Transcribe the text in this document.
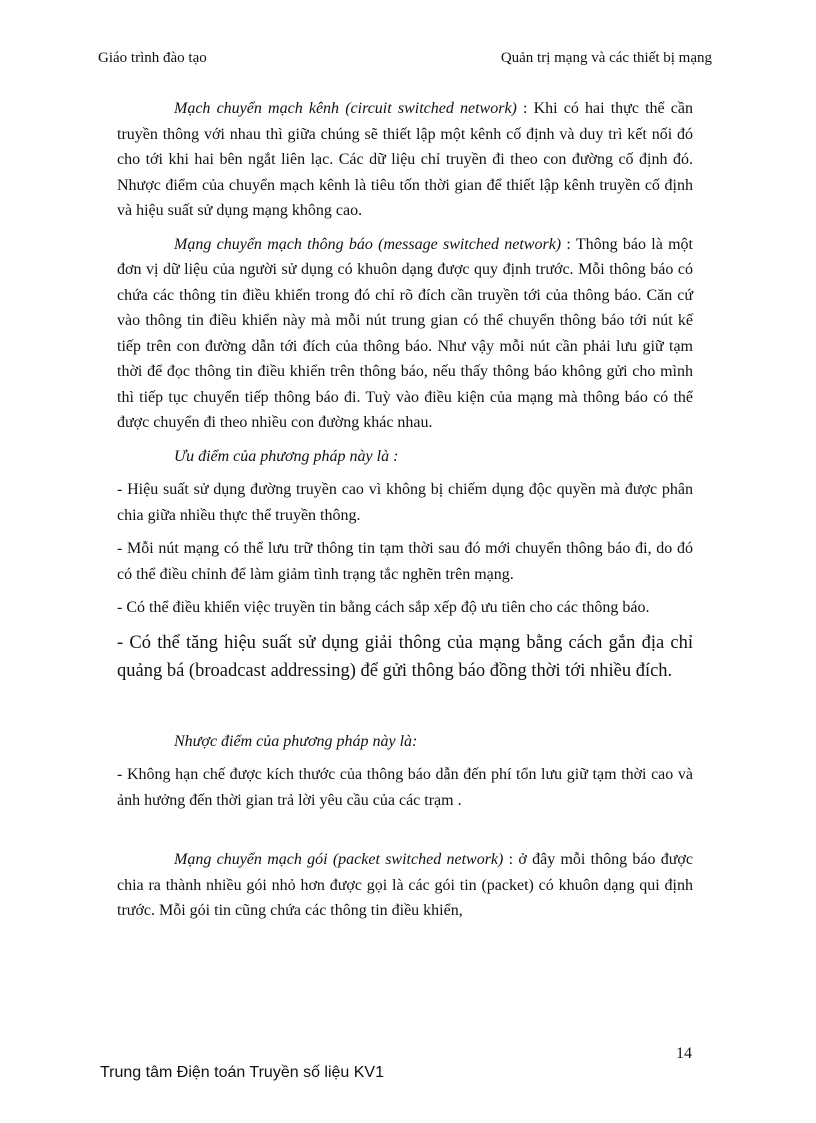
Giáo trình đào tạo	Quản trị mạng và các thiết bị mạng

Mạch chuyển mạch kênh (circuit switched network) : Khi có hai thực thể cần truyền thông với nhau thì giữa chúng sẽ thiết lập một kênh cố định và duy trì kết nối đó cho tới khi hai bên ngắt liên lạc. Các dữ liệu chỉ truyền đi theo con đường cố định đó. Nhược điểm của chuyển mạch kênh là tiêu tốn thời gian để thiết lập kênh truyền cố định và hiệu suất sử dụng mạng không cao.

Mạng chuyển mạch thông báo (message switched network) : Thông báo là một đơn vị dữ liệu của người sử dụng có khuôn dạng được quy định trước. Mỗi thông báo có chứa các thông tin điều khiển trong đó chỉ rõ đích cần truyền tới của thông báo. Căn cứ vào thông tin điều khiển này mà mỗi nút trung gian có thể chuyển thông báo tới nút kế tiếp trên con đường dẫn tới đích của thông báo. Như vậy mỗi nút cần phải lưu giữ tạm thời để đọc thông tin điều khiển trên thông báo, nếu thấy thông báo không gửi cho mình thì tiếp tục chuyển tiếp thông báo đi. Tuỳ vào điều kiện của mạng mà thông báo có thể được chuyển đi theo nhiều con đường khác nhau.

Ưu điểm của phương pháp này là :

- Hiệu suất sử dụng đường truyền cao vì không bị chiếm dụng độc quyền mà được phân chia giữa nhiều thực thể truyền thông.

- Mỗi nút mạng có thể lưu trữ thông tin tạm thời sau đó mới chuyển thông báo đi, do đó có thể điều chỉnh để làm giảm tình trạng tắc nghẽn trên mạng.

- Có thể điều khiển việc truyền tin bằng cách sắp xếp độ ưu tiên cho các thông báo.

- Có thể tăng hiệu suất sử dụng giải thông của mạng bằng cách gắn địa chỉ quảng bá (broadcast addressing) để gửi thông báo đồng thời tới nhiều đích.

Nhược điểm của phương pháp này là:

- Không hạn chế được kích thước của thông báo dẫn đến phí tổn lưu giữ tạm thời cao và ảnh hưởng đến thời gian trả lời yêu cầu của các trạm .

Mạng chuyển mạch gói (packet switched network) : ở đây mỗi thông báo được chia ra thành nhiều gói nhỏ hơn được gọi là các gói tin (packet) có khuôn dạng qui định trước. Mỗi gói tin cũng chứa các thông tin điều khiển,

14
Trung tâm Điện toán Truyền số liệu KV1
